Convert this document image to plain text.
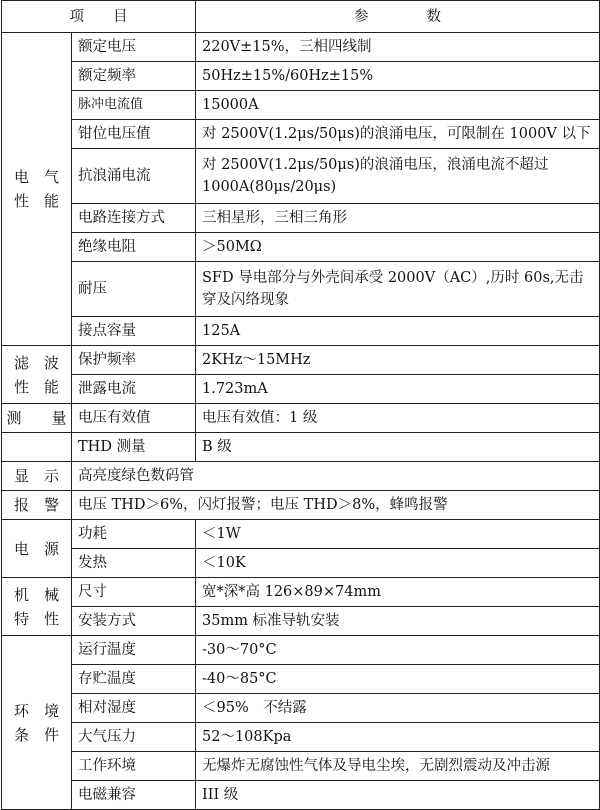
项　　目		参　　　　数

电　气
性　能	额定电压	220V±15%，三相四线制
	额定频率	50Hz±15%/60Hz±15%
	脉冲电流值	15000A
	钳位电压值	对 2500V(1.2μs/50μs)的浪涌电压，可限制在 1000V 以下
	抗浪涌电流	对 2500V(1.2μs/50μs)的浪涌电压，浪涌电流不超过 1000A(80μs/20μs)
	电路连接方式	三相星形，三相三角形
	绝缘电阻	＞50MΩ
	耐压	SFD 导电部分与外壳间承受 2000V（AC）,历时 60s,无击穿及闪络现象
	接点容量	125A

滤　波
性　能	保护频率	2KHz～15MHz
	泄露电流	1.723mA
测　　量	电压有效值	电压有效值：1 级
	THD 测量	B 级
显　示	高亮度绿色数码管	
报　警	电压 THD＞6%，闪灯报警；电压 THD＞8%，蜂鸣报警	
电　源	功耗	＜1W
	发热	＜10K

机　械
特　性	尺寸	宽*深*高 126×89×74mm
	安装方式	35mm 标准导轨安装

环　境
条　件	运行温度	-30～70°C
	存贮温度	-40～85°C
	相对湿度	＜95%　不结露
	大气压力	52～108Kpa
	工作环境	无爆炸无腐蚀性气体及导电尘埃，无剧烈震动及冲击源
	电磁兼容	III 级
